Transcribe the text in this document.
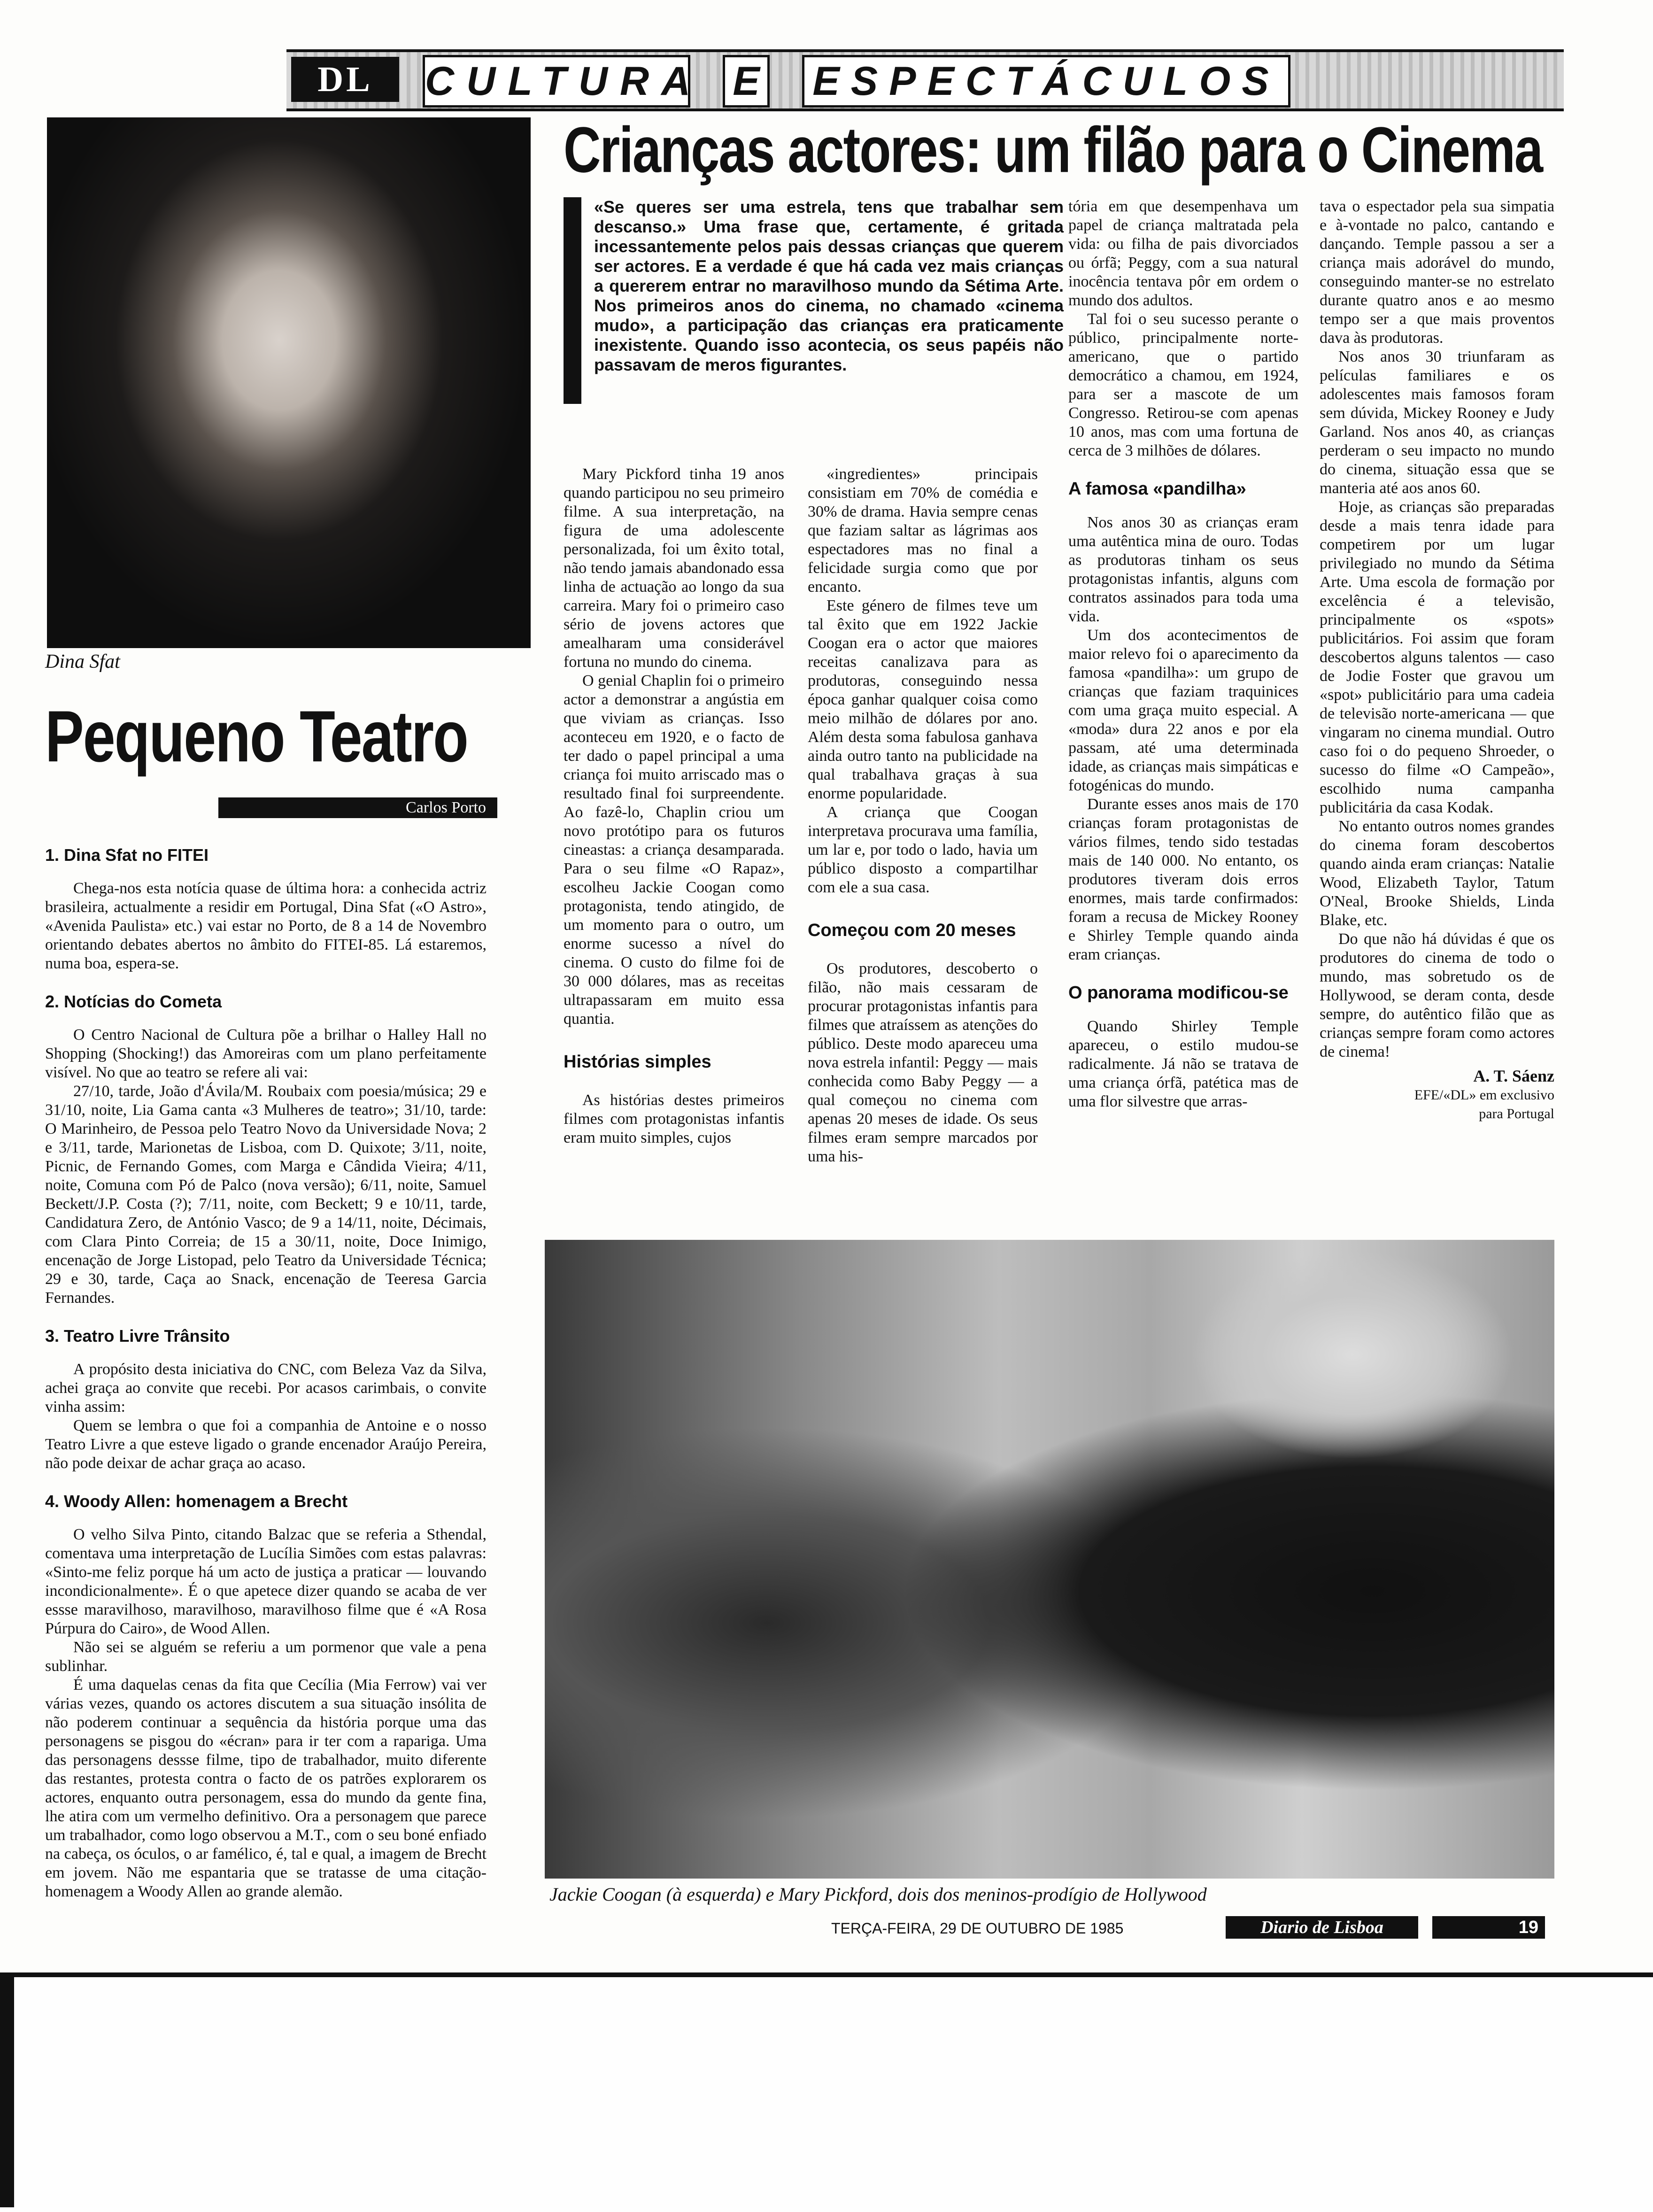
DL	CULTURA E ESPECTÁCULOS
Dina Sfat
Pequeno Teatro
Carlos Porto
1. Dina Sfat no FITEI

Chega-nos esta notícia quase de última hora: a conhecida actriz brasileira, actualmente a residir em Portugal, Dina Sfat («O Astro», «Avenida Paulista» etc.) vai estar no Porto, de 8 a 14 de Novembro orientando debates abertos no âmbito do FITEI-85. Lá estaremos, numa boa, espera-se.

2. Notícias do Cometa

O Centro Nacional de Cultura põe a brilhar o Halley Hall no Shopping (Shocking!) das Amoreiras com um plano perfeitamente visível. No que ao teatro se refere ali vai:

27/10, tarde, João d'Ávila/M. Roubaix com poesia/música; 29 e 31/10, noite, Lia Gama canta «3 Mulheres de teatro»; 31/10, tarde: O Marinheiro, de Pessoa pelo Teatro Novo da Universidade Nova; 2 e 3/11, tarde, Marionetas de Lisboa, com D. Quixote; 3/11, noite, Picnic, de Fernando Gomes, com Marga e Cândida Vieira; 4/11, noite, Comuna com Pó de Palco (nova versão); 6/11, noite, Samuel Beckett/J.P. Costa (?); 7/11, noite, com Beckett; 9 e 10/11, tarde, Candidatura Zero, de António Vasco; de 9 a 14/11, noite, Décimais, com Clara Pinto Correia; de 15 a 30/11, noite, Doce Inimigo, encenação de Jorge Listopad, pelo Teatro da Universidade Técnica; 29 e 30, tarde, Caça ao Snack, encenação de Teeresa Garcia Fernandes.

3. Teatro Livre Trânsito

A propósito desta iniciativa do CNC, com Beleza Vaz da Silva, achei graça ao convite que recebi. Por acasos carimbais, o convite vinha assim:

Quem se lembra o que foi a companhia de Antoine e o nosso Teatro Livre a que esteve ligado o grande encenador Araújo Pereira, não pode deixar de achar graça ao acaso.

4. Woody Allen: homenagem a Brecht

O velho Silva Pinto, citando Balzac que se referia a Sthendal, comentava uma interpretação de Lucília Simões com estas palavras: «Sinto-me feliz porque há um acto de justiça a praticar — louvando incondicionalmente». É o que apetece dizer quando se acaba de ver essse maravilhoso, maravilhoso, maravilhoso filme que é «A Rosa Púrpura do Cairo», de Wood Allen.

Não sei se alguém se referiu a um pormenor que vale a pena sublinhar.

É uma daquelas cenas da fita que Cecília (Mia Ferrow) vai ver várias vezes, quando os actores discutem a sua situação insólita de não poderem continuar a sequência da história porque uma das personagens se pisgou do «écran» para ir ter com a rapariga. Uma das personagens dessse filme, tipo de trabalhador, muito diferente das restantes, protesta contra o facto de os patrões explorarem os actores, enquanto outra personagem, essa do mundo da gente fina, lhe atira com um vermelho definitivo. Ora a personagem que parece um trabalhador, como logo observou a M.T., com o seu boné enfiado na cabeça, os óculos, o ar famélico, é, tal e qual, a imagem de Brecht em jovem. Não me espantaria que se tratasse de uma citação-homenagem a Woody Allen ao grande alemão.

Crianças actores: um filão para o Cinema
«Se queres ser uma estrela, tens que trabalhar sem descanso.» Uma frase que, certamente, é gritada incessantemente pelos pais dessas crianças que querem ser actores. E a verdade é que há cada vez mais crianças a quererem entrar no maravilhoso mundo da Sétima Arte. Nos primeiros anos do cinema, no chamado «cinema mudo», a participação das crianças era praticamente inexistente. Quando isso acontecia, os seus papéis não passavam de meros figurantes.

Mary Pickford tinha 19 anos quando participou no seu primeiro filme. A sua interpretação, na figura de uma adolescente personalizada, foi um êxito total, não tendo jamais abandonado essa linha de actuação ao longo da sua carreira. Mary foi o primeiro caso sério de jovens actores que amealharam uma considerável fortuna no mundo do cinema.

O genial Chaplin foi o primeiro actor a demonstrar a angústia em que viviam as crianças. Isso aconteceu em 1920, e o facto de ter dado o papel principal a uma criança foi muito arriscado mas o resultado final foi surpreendente. Ao fazê-lo, Chaplin criou um novo protótipo para os futuros cineastas: a criança desamparada. Para o seu filme «O Rapaz», escolheu Jackie Coogan como protagonista, tendo atingido, de um momento para o outro, um enorme sucesso a nível do cinema. O custo do filme foi de 30 000 dólares, mas as receitas ultrapassaram em muito essa quantia.

Histórias simples

As histórias destes primeiros filmes com protagonistas infantis eram muito simples, cujos

«ingredientes» principais consistiam em 70% de comédia e 30% de drama. Havia sempre cenas que faziam saltar as lágrimas aos espectadores mas no final a felicidade surgia como que por encanto.

Este género de filmes teve um tal êxito que em 1922 Jackie Coogan era o actor que maiores receitas canalizava para as produtoras, conseguindo nessa época ganhar qualquer coisa como meio milhão de dólares por ano. Além desta soma fabulosa ganhava ainda outro tanto na publicidade na qual trabalhava graças à sua enorme popularidade.

A criança que Coogan interpretava procurava uma família, um lar e, por todo o lado, havia um público disposto a compartilhar com ele a sua casa.

Começou com 20 meses

Os produtores, descoberto o filão, não mais cessaram de procurar protagonistas infantis para filmes que atraíssem as atenções do público. Deste modo apareceu uma nova estrela infantil: Peggy — mais conhecida como Baby Peggy — a qual começou no cinema com apenas 20 meses de idade. Os seus filmes eram sempre marcados por uma his-

tória em que desempenhava um papel de criança maltratada pela vida: ou filha de pais divorciados ou órfã; Peggy, com a sua natural inocência tentava pôr em ordem o mundo dos adultos.

Tal foi o seu sucesso perante o público, principalmente norte-americano, que o partido democrático a chamou, em 1924, para ser a mascote de um Congresso. Retirou-se com apenas 10 anos, mas com uma fortuna de cerca de 3 milhões de dólares.

A famosa «pandilha»

Nos anos 30 as crianças eram uma autêntica mina de ouro. Todas as produtoras tinham os seus protagonistas infantis, alguns com contratos assinados para toda uma vida.

Um dos acontecimentos de maior relevo foi o aparecimento da famosa «pandilha»: um grupo de crianças que faziam traquinices com uma graça muito especial. A «moda» dura 22 anos e por ela passam, até uma determinada idade, as crianças mais simpáticas e fotogénicas do mundo.

Durante esses anos mais de 170 crianças foram protagonistas de vários filmes, tendo sido testadas mais de 140 000. No entanto, os produtores tiveram dois erros enormes, mais tarde confirmados: foram a recusa de Mickey Rooney e Shirley Temple quando ainda eram crianças.

O panorama modificou-se

Quando Shirley Temple apareceu, o estilo mudou-se radicalmente. Já não se tratava de uma criança órfã, patética mas de uma flor silvestre que arras-

tava o espectador pela sua simpatia e à-vontade no palco, cantando e dançando. Temple passou a ser a criança mais adorável do mundo, conseguindo manter-se no estrelato durante quatro anos e ao mesmo tempo ser a que mais proventos dava às produtoras.

Nos anos 30 triunfaram as películas familiares e os adolescentes mais famosos foram sem dúvida, Mickey Rooney e Judy Garland. Nos anos 40, as crianças perderam o seu impacto no mundo do cinema, situação essa que se manteria até aos anos 60.

Hoje, as crianças são preparadas desde a mais tenra idade para competirem por um lugar privilegiado no mundo da Sétima Arte. Uma escola de formação por excelência é a televisão, principalmente os «spots» publicitários. Foi assim que foram descobertos alguns talentos — caso de Jodie Foster que gravou um «spot» publicitário para uma cadeia de televisão norte-americana — que vingaram no cinema mundial. Outro caso foi o do pequeno Shroeder, o sucesso do filme «O Campeão», escolhido numa campanha publicitária da casa Kodak.

No entanto outros nomes grandes do cinema foram descobertos quando ainda eram crianças: Natalie Wood, Elizabeth Taylor, Tatum O'Neal, Brooke Shields, Linda Blake, etc.

Do que não há dúvidas é que os produtores do cinema de todo o mundo, mas sobretudo os de Hollywood, se deram conta, desde sempre, do autêntico filão que as crianças sempre foram como actores de cinema!

A. T. Sáenz
EFE/«DL» em exclusivo
para Portugal
Jackie Coogan (à esquerda) e Mary Pickford, dois dos meninos-prodígio de Hollywood
TERÇA-FEIRA, 29 DE OUTUBRO DE 1985	Diario de Lisboa	19
